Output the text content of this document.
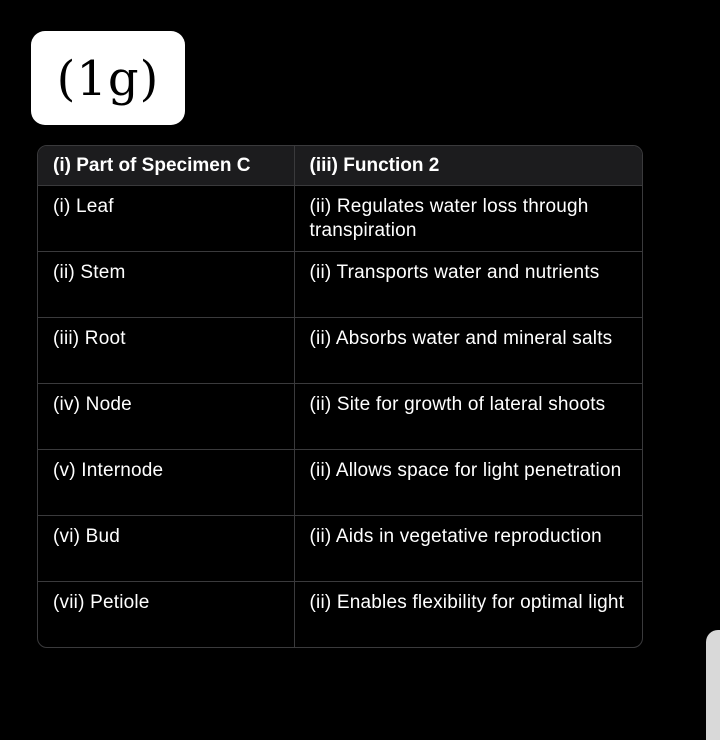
(1g)
(i) Part of Specimen C	(iii) Function 2
(i) Leaf	(ii) Regulates water loss through transpiration
(ii) Stem	(ii) Transports water and nutrients
(iii) Root	(ii) Absorbs water and mineral salts
(iv) Node	(ii) Site for growth of lateral shoots
(v) Internode	(ii) Allows space for light penetration
(vi) Bud	(ii) Aids in vegetative reproduction
(vii) Petiole	(ii) Enables flexibility for optimal light
